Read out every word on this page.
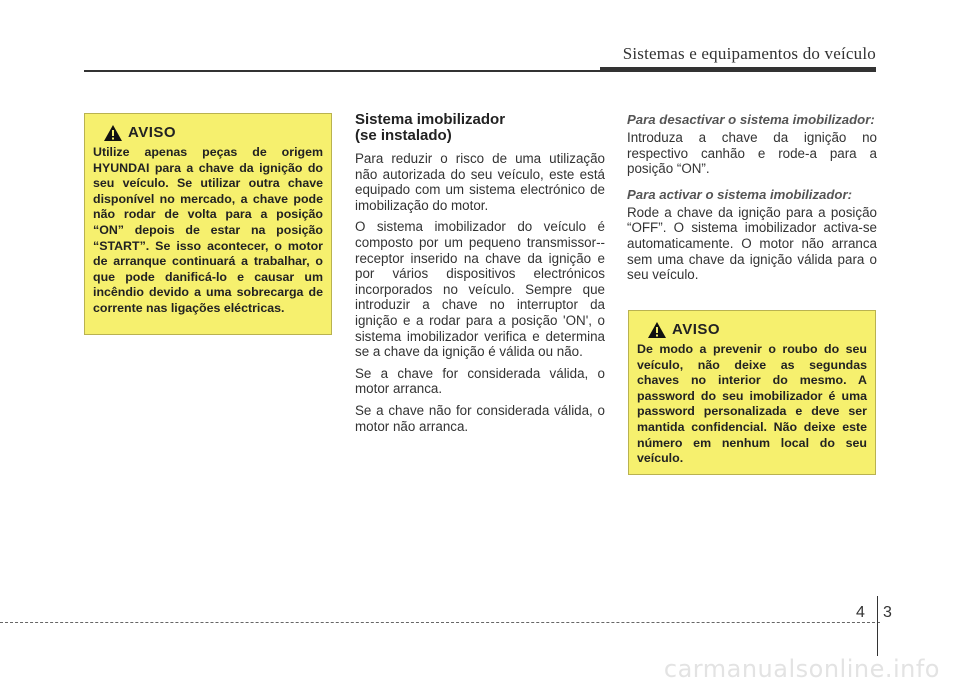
Sistemas e equipamentos do veículo
AVISO
Utilize apenas peças de origem HYUNDAI para a chave da ignição do seu veículo. Se utilizar outra chave disponível no mercado, a chave pode não rodar de volta para a posição “ON” depois de estar na posição “START”. Se isso acontecer, o motor de arranque continuará a trabalhar, o que pode danificá-lo e causar um incêndio devido a uma sobrecarga de corrente nas ligações eléctricas.
Sistema imobilizador
(se instalado)

Para reduzir o risco de uma utilização não autorizada do seu veículo, este está equipado com um sistema electrónico de imobilização do motor.

O sistema imobilizador do veículo é composto por um pequeno transmissor--receptor inserido na chave da ignição e por vários dispositivos electrónicos incorporados no veículo. Sempre que introduzir a chave no interruptor da ignição e a rodar para a posição 'ON', o sistema imobilizador verifica e determina se a chave da ignição é válida ou não.

Se a chave for considerada válida, o motor arranca.

Se a chave não for considerada válida, o motor não arranca.

Para desactivar o sistema imobilizador:

Introduza a chave da ignição no respectivo canhão e rode-a para a posição “ON”.

Para activar o sistema imobilizador:

Rode a chave da ignição para a posição “OFF”. O sistema imobilizador activa-se automaticamente. O motor não arranca sem uma chave da ignição válida para o seu veículo.

AVISO
De modo a prevenir o roubo do seu veículo, não deixe as segundas chaves no interior do mesmo. A password do seu imobilizador é uma password personalizada e deve ser mantida confidencial. Não deixe este número em nenhum local do seu veículo.
4 3
carmanualsonline.info
